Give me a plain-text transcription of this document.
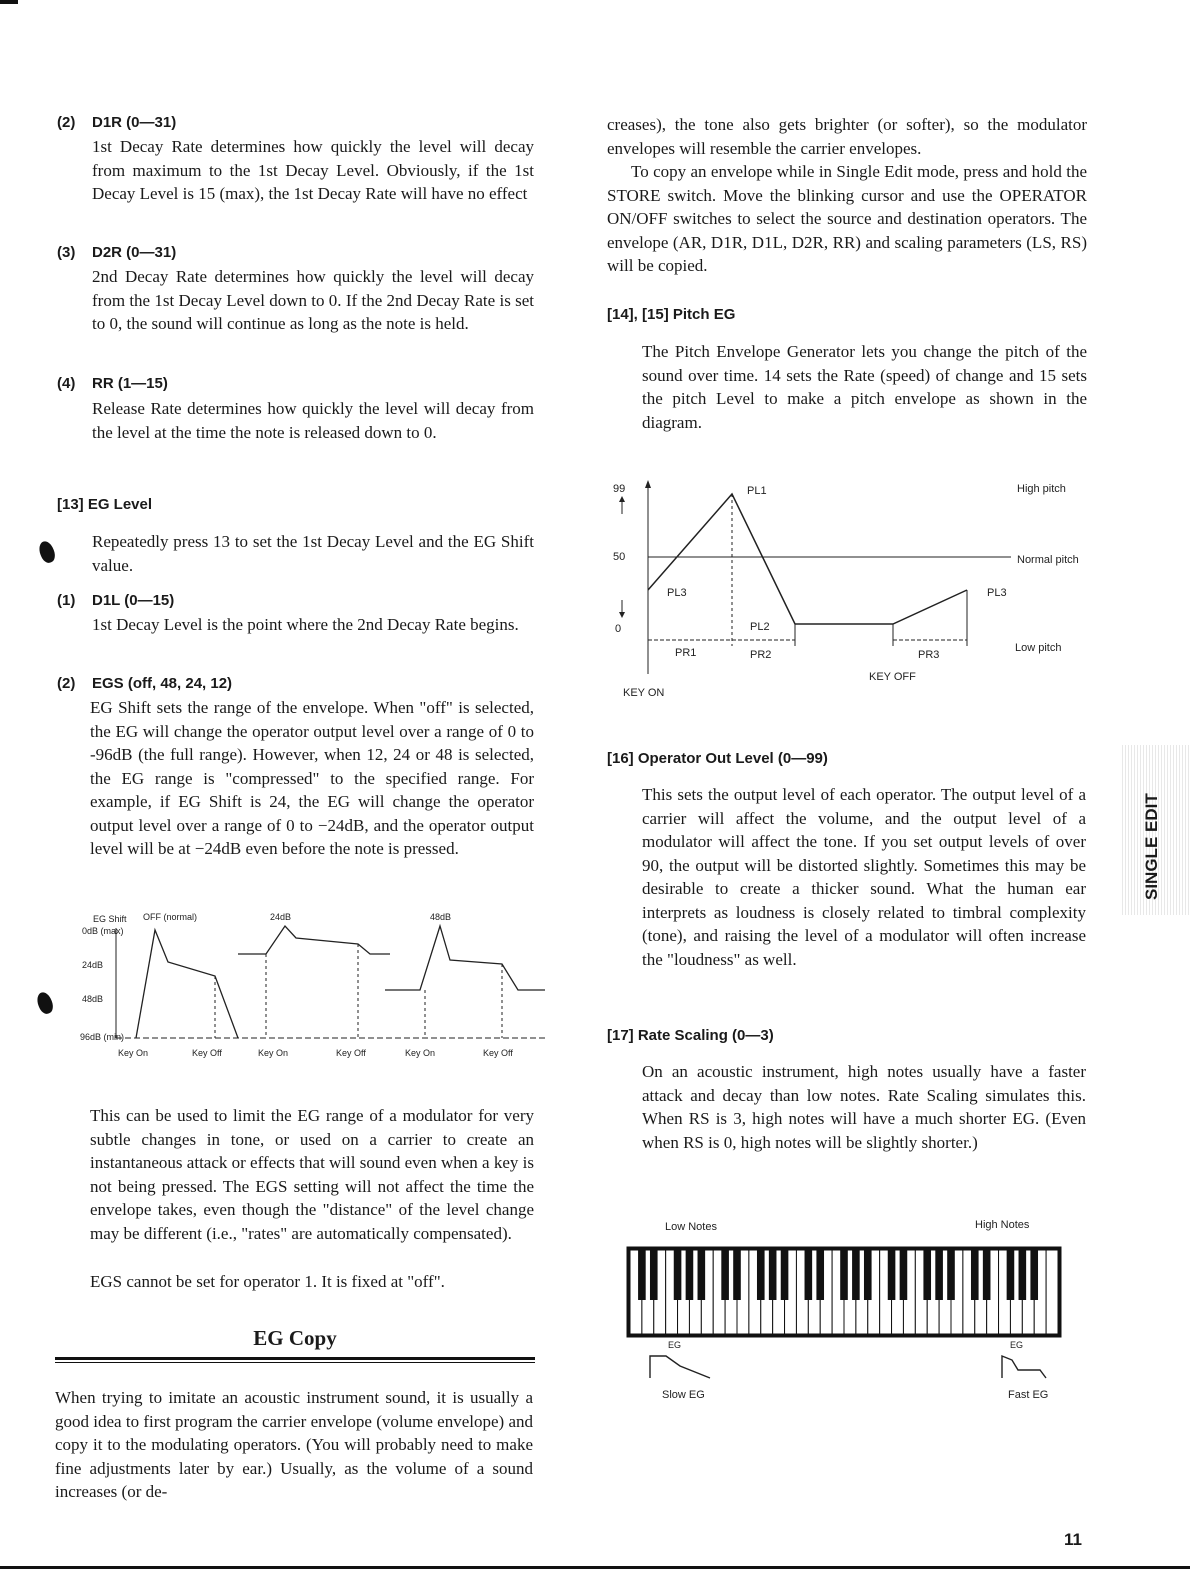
(2) D1R (0—31)

1st Decay Rate determines how quickly the level will decay from maximum to the 1st Decay Level. Obviously, if the 1st Decay Level is 15 (max), the 1st Decay Rate will have no effect

(3) D2R (0—31)

2nd Decay Rate determines how quickly the level will decay from the 1st Decay Level down to 0. If the 2nd Decay Rate is set to 0, the sound will continue as long as the note is held.

(4) RR (1—15)

Release Rate determines how quickly the level will decay from the level at the time the note is released down to 0.

[13] EG Level

Repeatedly press 13 to set the 1st Decay Level and the EG Shift value.

(1) D1L (0—15)

1st Decay Level is the point where the 2nd Decay Rate begins.

(2) EGS (off, 48, 24, 12)

EG Shift sets the range of the envelope. When "off" is selected, the EG will change the operator output level over a range of 0 to -96dB (the full range). However, when 12, 24 or 48 is selected, the EG range is "compressed" to the specified range. For example, if EG Shift is 24, the EG will change the operator output level over a range of 0 to −24dB, and the operator output level will be at −24dB even before the note is pressed.

EG Shift OFF (normal)	24dB	48dB
0dB (max)
24dB
48dB
96dB (min)
Key On	Key Off	Key On	Key Off	Key On	Key Off

This can be used to limit the EG range of a modulator for very subtle changes in tone, or used on a carrier to create an instantaneous attack or effects that will sound even when a key is not being pressed. The EGS setting will not affect the time the envelope takes, even though the "distance" of the level change may be different (i.e., "rates" are automatically compensated).

EGS cannot be set for operator 1. It is fixed at "off".

EG Copy

When trying to imitate an acoustic instrument sound, it is usually a good idea to first program the carrier envelope (volume envelope) and copy it to the modulating operators. (You will probably need to make fine adjustments later by ear.) Usually, as the volume of a sound increases (or de-

creases), the tone also gets brighter (or softer), so the modulator envelopes will resemble the carrier envelopes.

To copy an envelope while in Single Edit mode, press and hold the STORE switch. Move the blinking cursor and use the OPERATOR ON/OFF switches to select the source and destination operators. The envelope (AR, D1R, D1L, D2R, RR) and scaling parameters (LS, RS) will be copied.

[14], [15] Pitch EG

The Pitch Envelope Generator lets you change the pitch of the sound over time. 14 sets the Rate (speed) of change and 15 sets the pitch Level to make a pitch envelope as shown in the diagram.

99
50
0
PL1
PL3
PL2
PL3
PR1	PR2	PR3
High pitch
Normal pitch
Low pitch
KEY ON
KEY OFF
[16] Operator Out Level (0—99)

This sets the output level of each operator. The output level of a carrier will affect the volume, and the output level of a modulator will affect the tone. If you set output levels of over 90, the output will be distorted slightly. Sometimes this may be desirable to create a thicker sound. What the human ear interprets as loudness is closely related to timbral complexity (tone), and raising the level of a modulator will often increase the "loudness" as well.

[17] Rate Scaling (0—3)

On an acoustic instrument, high notes usually have a faster attack and decay than low notes. Rate Scaling simulates this. When RS is 3, high notes will have a much shorter EG. (Even when RS is 0, high notes will be slightly shorter.)

Low Notes	High Notes
EG	EG
Slow EG	Fast EG
SINGLE EDIT
11
